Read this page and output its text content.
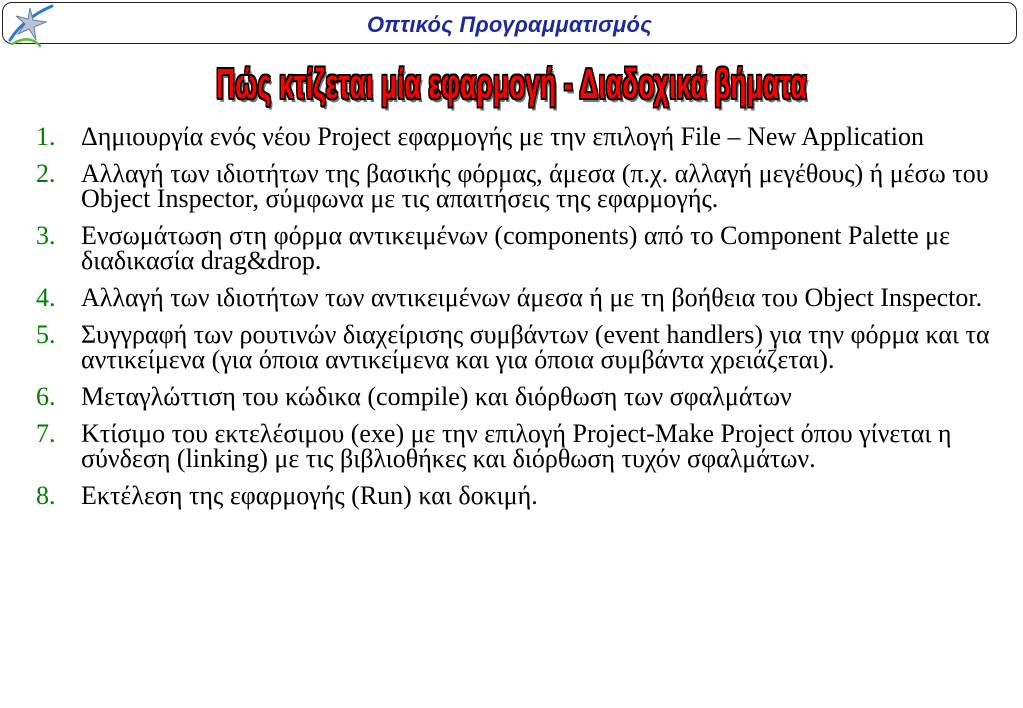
Οπτικός Προγραμματισμός
Πώς κτίζεται μία εφαρμογή - Διαδοχικά βήματα
1. Δημιουργία ενός νέου Project εφαρμογής με την επιλογή File – New Application
2. Αλλαγή των ιδιοτήτων της βασικής φόρμας, άμεσα (π.χ. αλλαγή μεγέθους) ή μέσω του Object Inspector, σύμφωνα με τις απαιτήσεις της εφαρμογής.
3. Ενσωμάτωση στη φόρμα αντικειμένων (components) από το Component Palette με διαδικασία drag&drop.
4. Αλλαγή των ιδιοτήτων των αντικειμένων άμεσα ή με τη βοήθεια του Object Inspector.
5. Συγγραφή των ρουτινών διαχείρισης συμβάντων (event handlers) για την φόρμα και τα αντικείμενα (για όποια αντικείμενα και για όποια συμβάντα χρειάζεται).
6. Μεταγλώττιση του κώδικα (compile) και διόρθωση των σφαλμάτων
7. Κτίσιμο του εκτελέσιμου (exe) με την επιλογή Project-Make Project όπου γίνεται η σύνδεση (linking) με τις βιβλιοθήκες και διόρθωση τυχόν σφαλμάτων.
8. Εκτέλεση της εφαρμογής (Run) και δοκιμή.
